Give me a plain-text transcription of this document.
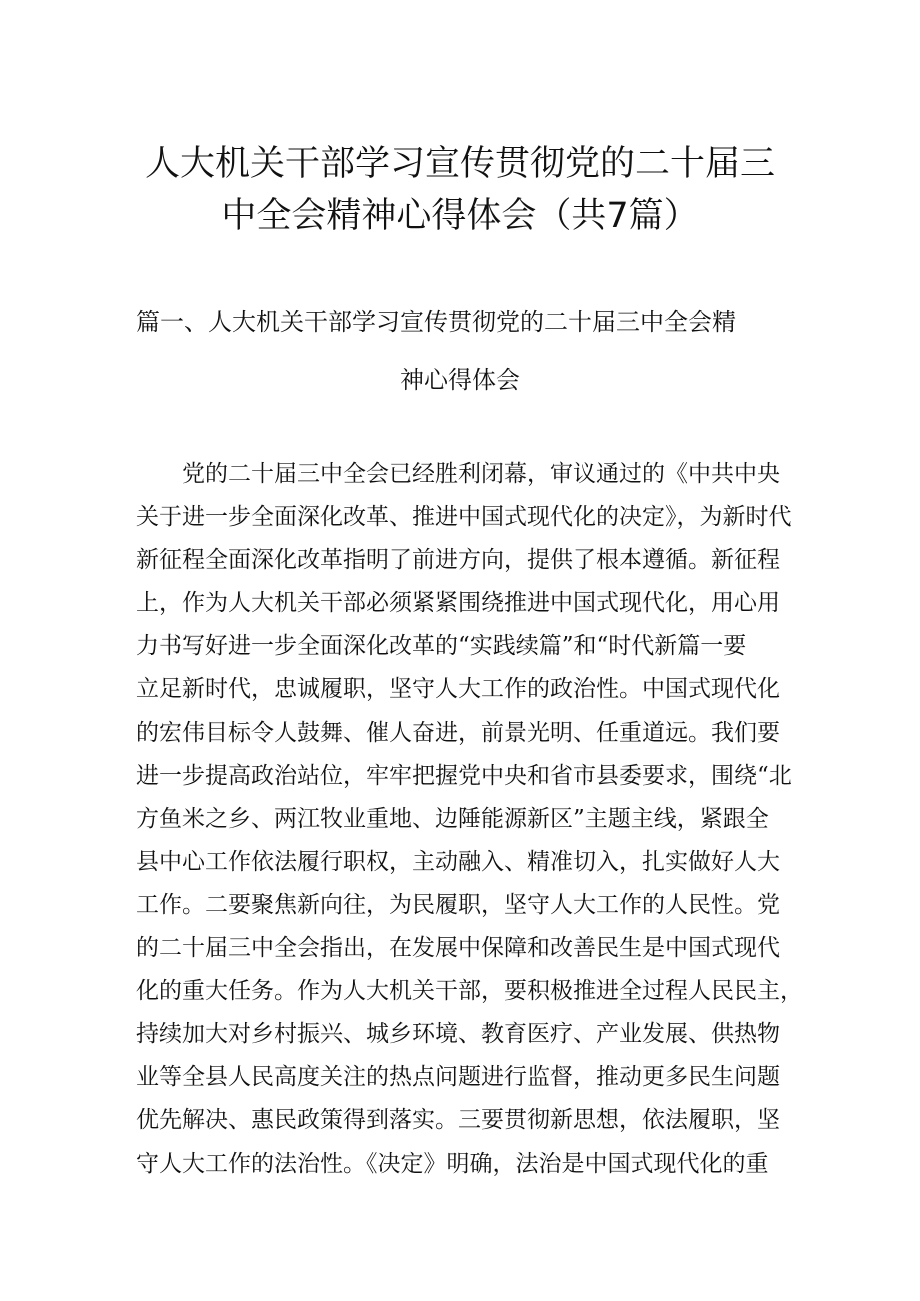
人大机关干部学习宣传贯彻党的二十届三
中全会精神心得体会（共7篇）
篇一、人大机关干部学习宣传贯彻党的二十届三中全会精
神心得体会
　　党的二十届三中全会已经胜利闭幕，审议通过的《中共中央
关于进一步全面深化改革、推进中国式现代化的决定》，为新时代
新征程全面深化改革指明了前进方向，提供了根本遵循。新征程
上，作为人大机关干部必须紧紧围绕推进中国式现代化，用心用
力书写好进一步全面深化改革的“实践续篇”和“时代新篇一要
立足新时代，忠诚履职，坚守人大工作的政治性。中国式现代化
的宏伟目标令人鼓舞、催人奋进，前景光明、任重道远。我们要
进一步提高政治站位，牢牢把握党中央和省市县委要求，围绕“北
方鱼米之乡、两江牧业重地、边陲能源新区”主题主线，紧跟全
县中心工作依法履行职权，主动融入、精准切入，扎实做好人大
工作。二要聚焦新向往，为民履职，坚守人大工作的人民性。党
的二十届三中全会指出，在发展中保障和改善民生是中国式现代
化的重大任务。作为人大机关干部，要积极推进全过程人民民主，
持续加大对乡村振兴、城乡环境、教育医疗、产业发展、供热物
业等全县人民高度关注的热点问题进行监督，推动更多民生问题
优先解决、惠民政策得到落实。三要贯彻新思想，依法履职，坚
守人大工作的法治性。《决定》明确，法治是中国式现代化的重
